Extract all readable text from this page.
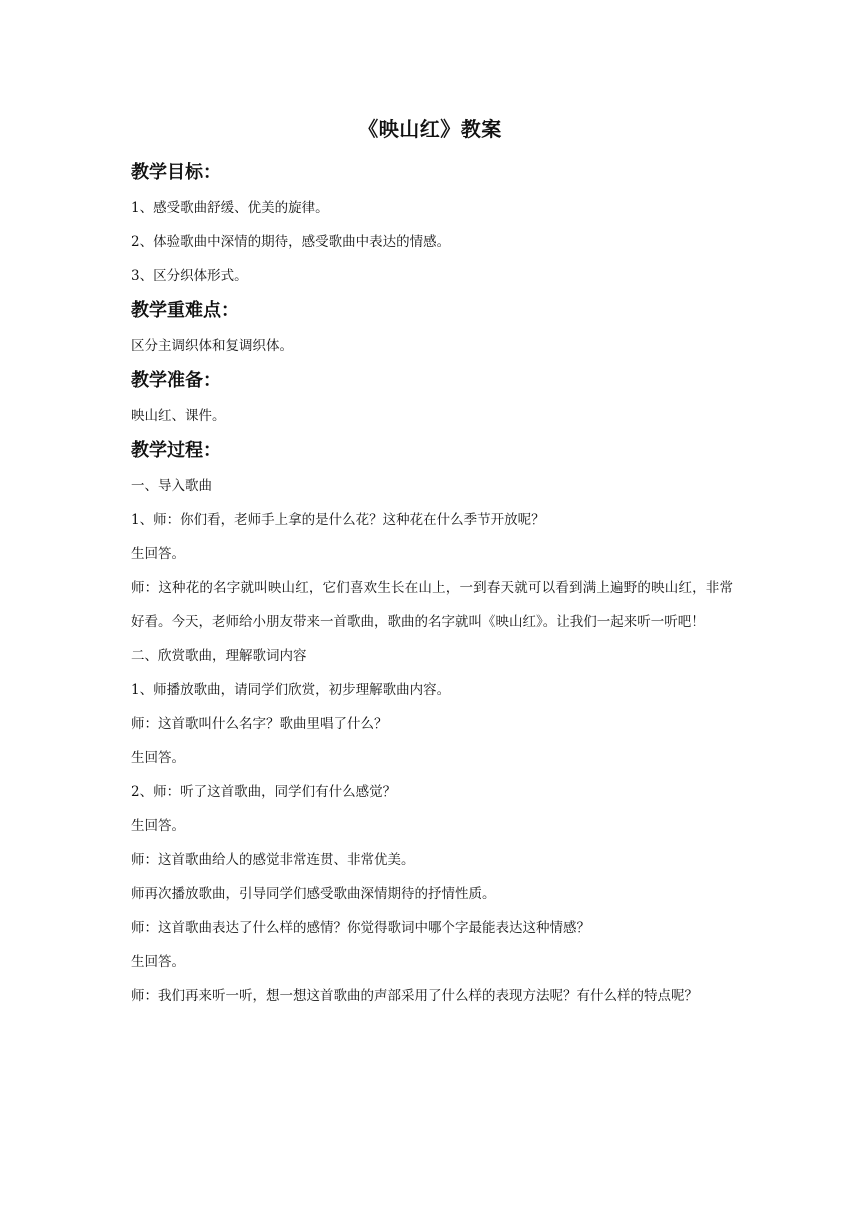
《映山红》教案
教学目标：

1、感受歌曲舒缓、优美的旋律。

2、体验歌曲中深情的期待，感受歌曲中表达的情感。

3、区分织体形式。

教学重难点：

区分主调织体和复调织体。

教学准备：

映山红、课件。

教学过程：

一、导入歌曲

1、师：你们看，老师手上拿的是什么花？这种花在什么季节开放呢？

生回答。

师：这种花的名字就叫映山红，它们喜欢生长在山上，一到春天就可以看到满上遍野的映山红，非常好看。今天，老师给小朋友带来一首歌曲，歌曲的名字就叫《映山红》。让我们一起来听一听吧！

二、欣赏歌曲，理解歌词内容

1、师播放歌曲，请同学们欣赏，初步理解歌曲内容。

师：这首歌叫什么名字？歌曲里唱了什么？

生回答。

2、师：听了这首歌曲，同学们有什么感觉？

生回答。

师：这首歌曲给人的感觉非常连贯、非常优美。

师再次播放歌曲，引导同学们感受歌曲深情期待的抒情性质。

师：这首歌曲表达了什么样的感情？你觉得歌词中哪个字最能表达这种情感？

生回答。

师：我们再来听一听，想一想这首歌曲的声部采用了什么样的表现方法呢？有什么样的特点呢？
